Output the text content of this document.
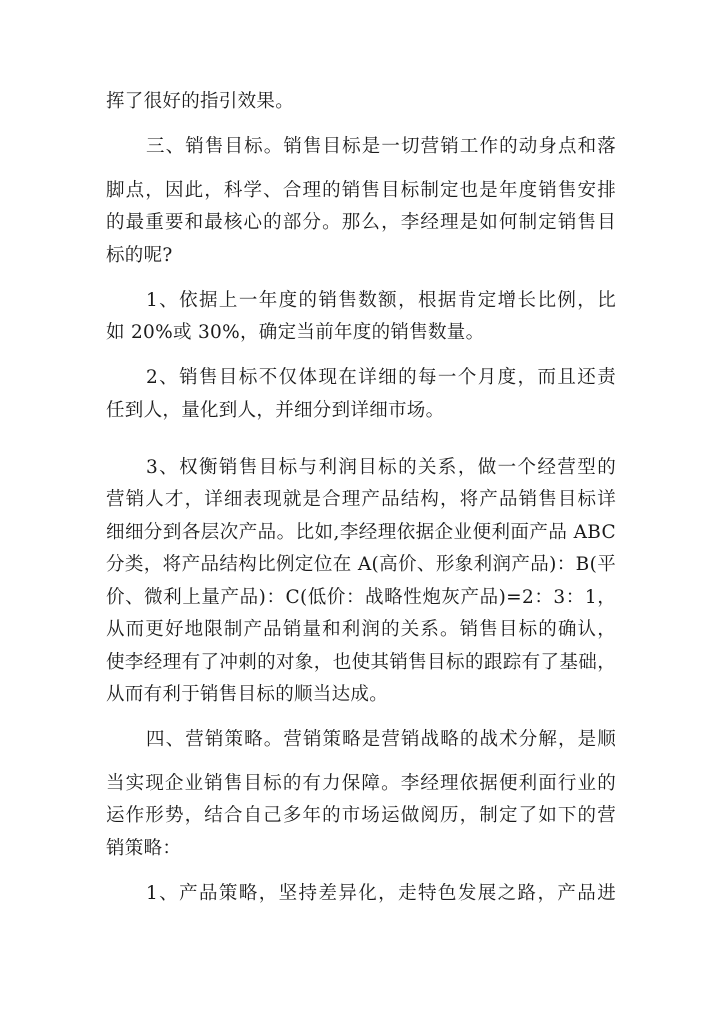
挥了很好的指引效果。

三、销售目标。销售目标是一切营销工作的动身点和落

脚点，因此，科学、合理的销售目标制定也是年度销售安排

的最重要和最核心的部分。那么，李经理是如何制定销售目

标的呢?

1、依据上一年度的销售数额，根据肯定增长比例，比

如 20%或 30%，确定当前年度的销售数量。

2、销售目标不仅体现在详细的每一个月度，而且还责

任到人，量化到人，并细分到详细市场。

3、权衡销售目标与利润目标的关系，做一个经营型的

营销人才，详细表现就是合理产品结构，将产品销售目标详

细细分到各层次产品。比如,李经理依据企业便利面产品 ABC

分类，将产品结构比例定位在 A(高价、形象利润产品)：B(平

价、微利上量产品)：C(低价：战略性炮灰产品)=2：3：1，

从而更好地限制产品销量和利润的关系。销售目标的确认，

使李经理有了冲刺的对象，也使其销售目标的跟踪有了基础，

从而有利于销售目标的顺当达成。

四、营销策略。营销策略是营销战略的战术分解，是顺

当实现企业销售目标的有力保障。李经理依据便利面行业的

运作形势，结合自己多年的市场运做阅历，制定了如下的营

销策略：

1、产品策略，坚持差异化，走特色发展之路，产品进
